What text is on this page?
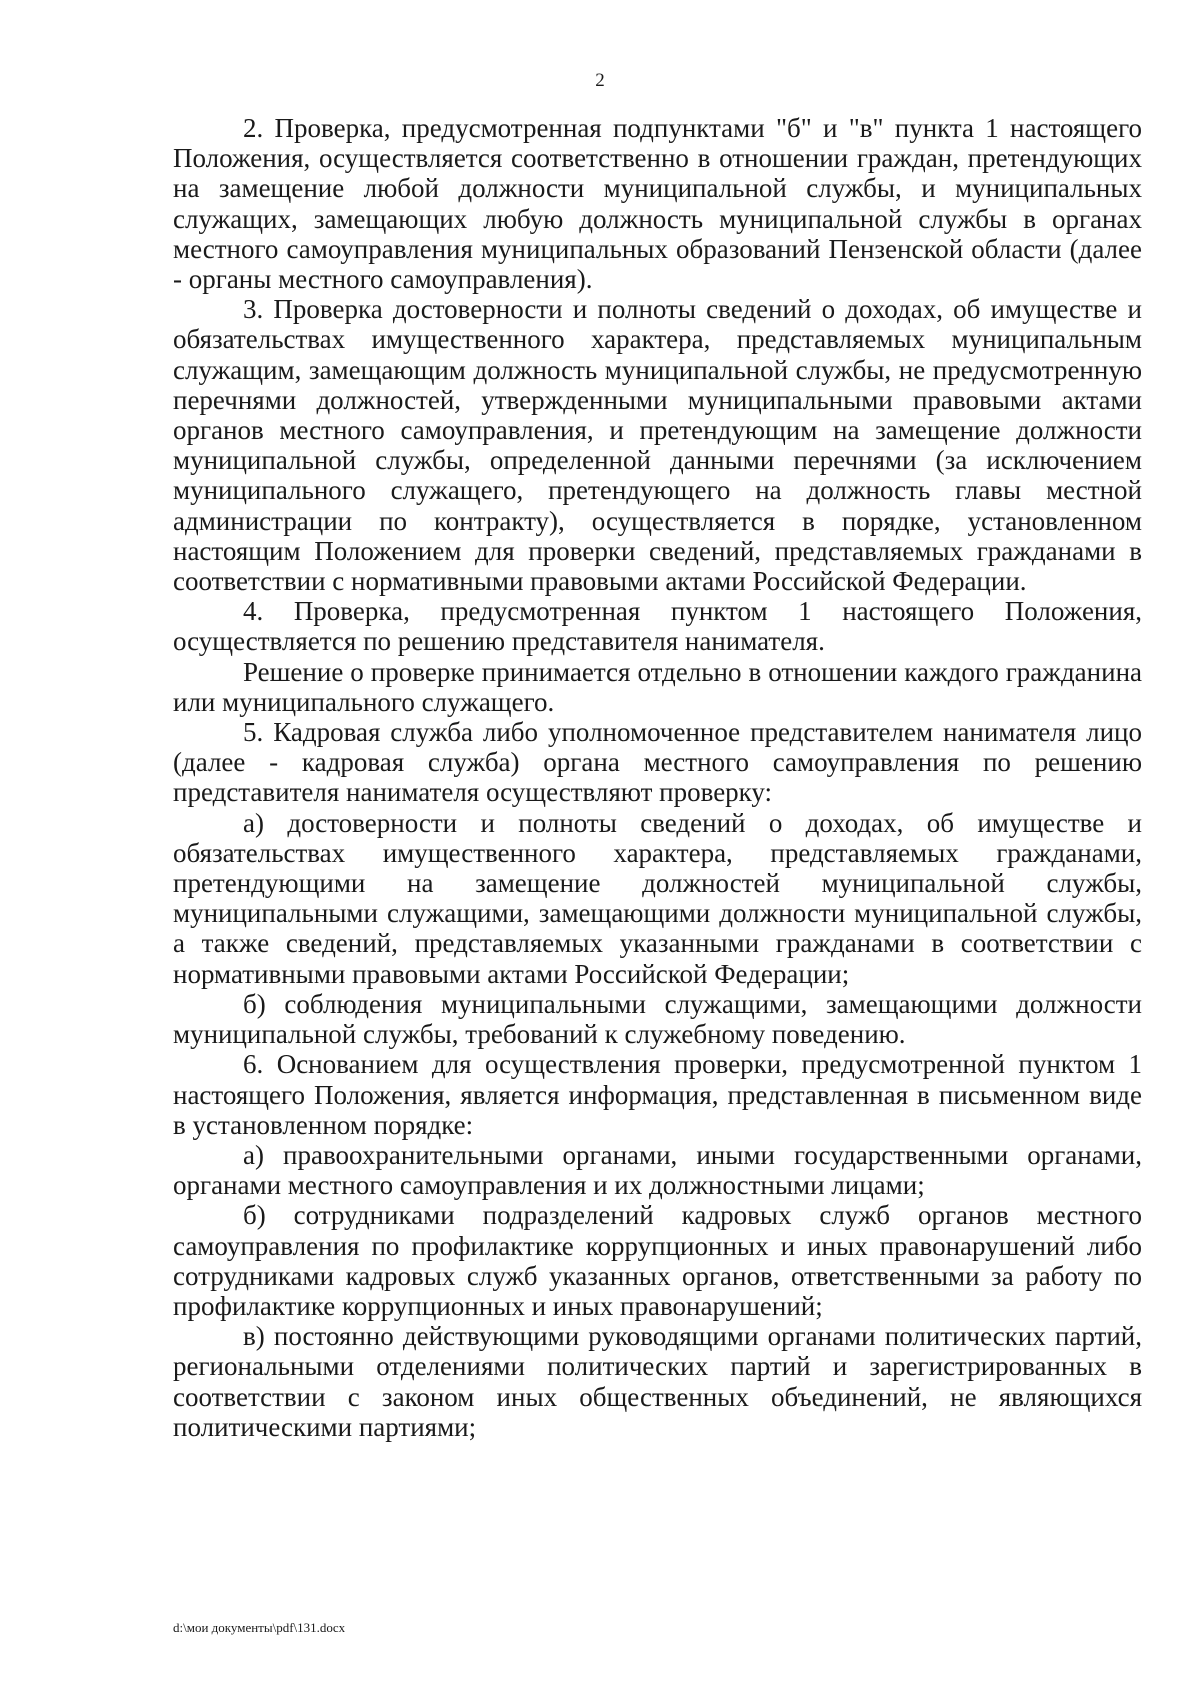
2

2. Проверка, предусмотренная подпунктами "б" и "в" пункта 1 настоящего Положения, осуществляется соответственно в отношении граждан, претендующих на замещение любой должности муниципальной службы, и муниципальных служащих, замещающих любую должность муниципальной службы в органах местного самоуправления муниципальных образований Пензенской области (далее - органы местного самоуправления).

3. Проверка достоверности и полноты сведений о доходах, об имуществе и обязательствах имущественного характера, представляемых муниципальным служащим, замещающим должность муниципальной службы, не предусмотренную перечнями должностей, утвержденными муниципальными правовыми актами органов местного самоуправления, и претендующим на замещение должности муниципальной службы, определенной данными перечнями (за исключением муниципального служащего, претендующего на должность главы местной администрации по контракту), осуществляется в порядке, установленном настоящим Положением для проверки сведений, представляемых гражданами в соответствии с нормативными правовыми актами Российской Федерации.

4. Проверка, предусмотренная пунктом 1 настоящего Положения, осуществляется по решению представителя нанимателя.

Решение о проверке принимается отдельно в отношении каждого гражданина или муниципального служащего.

5. Кадровая служба либо уполномоченное представителем нанимателя лицо (далее - кадровая служба) органа местного самоуправления по решению представителя нанимателя осуществляют проверку:

а) достоверности и полноты сведений о доходах, об имуществе и обязательствах имущественного характера, представляемых гражданами, претендующими на замещение должностей муниципальной службы, муниципальными служащими, замещающими должности муниципальной службы, а также сведений, представляемых указанными гражданами в соответствии с нормативными правовыми актами Российской Федерации;

б) соблюдения муниципальными служащими, замещающими должности муниципальной службы, требований к служебному поведению.

6. Основанием для осуществления проверки, предусмотренной пунктом 1 настоящего Положения, является информация, представленная в письменном виде в установленном порядке:

а) правоохранительными органами, иными государственными органами, органами местного самоуправления и их должностными лицами;

б) сотрудниками подразделений кадровых служб органов местного самоуправления по профилактике коррупционных и иных правонарушений либо сотрудниками кадровых служб указанных органов, ответственными за работу по профилактике коррупционных и иных правонарушений;

в) постоянно действующими руководящими органами политических партий, региональными отделениями политических партий и зарегистрированных в соответствии с законом иных общественных объединений, не являющихся политическими партиями;

d:\мои документы\pdf\131.docx
